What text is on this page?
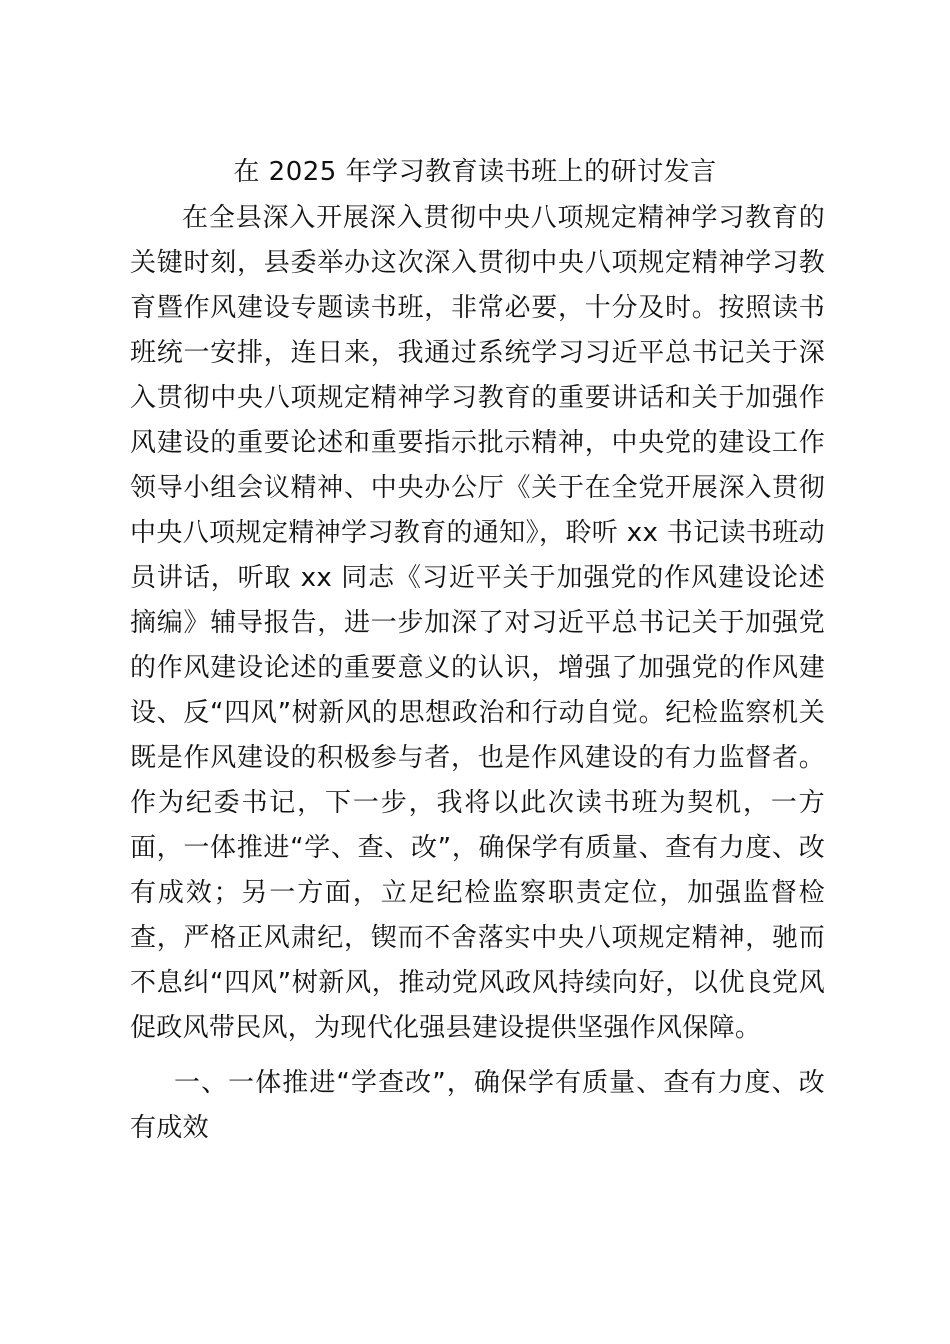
在 2025 年学习教育读书班上的研讨发言

在全县深入开展深入贯彻中央八项规定精神学习教育的关键时刻，县委举办这次深入贯彻中央八项规定精神学习教育暨作风建设专题读书班，非常必要，十分及时。按照读书班统一安排，连日来，我通过系统学习习近平总书记关于深入贯彻中央八项规定精神学习教育的重要讲话和关于加强作风建设的重要论述和重要指示批示精神，中央党的建设工作领导小组会议精神、中央办公厅《关于在全党开展深入贯彻中央八项规定精神学习教育的通知》，聆听 xx 书记读书班动员讲话，听取 xx 同志《习近平关于加强党的作风建设论述摘编》辅导报告，进一步加深了对习近平总书记关于加强党的作风建设论述的重要意义的认识，增强了加强党的作风建设、反“四风”树新风的思想政治和行动自觉。纪检监察机关既是作风建设的积极参与者，也是作风建设的有力监督者。作为纪委书记，下一步，我将以此次读书班为契机，一方面，一体推进“学、查、改”，确保学有质量、查有力度、改有成效；另一方面，立足纪检监察职责定位，加强监督检查，严格正风肃纪，锲而不舍落实中央八项规定精神，驰而不息纠“四风”树新风，推动党风政风持续向好，以优良党风促政风带民风，为现代化强县建设提供坚强作风保障。

一、一体推进“学查改”，确保学有质量、查有力度、改有成效
